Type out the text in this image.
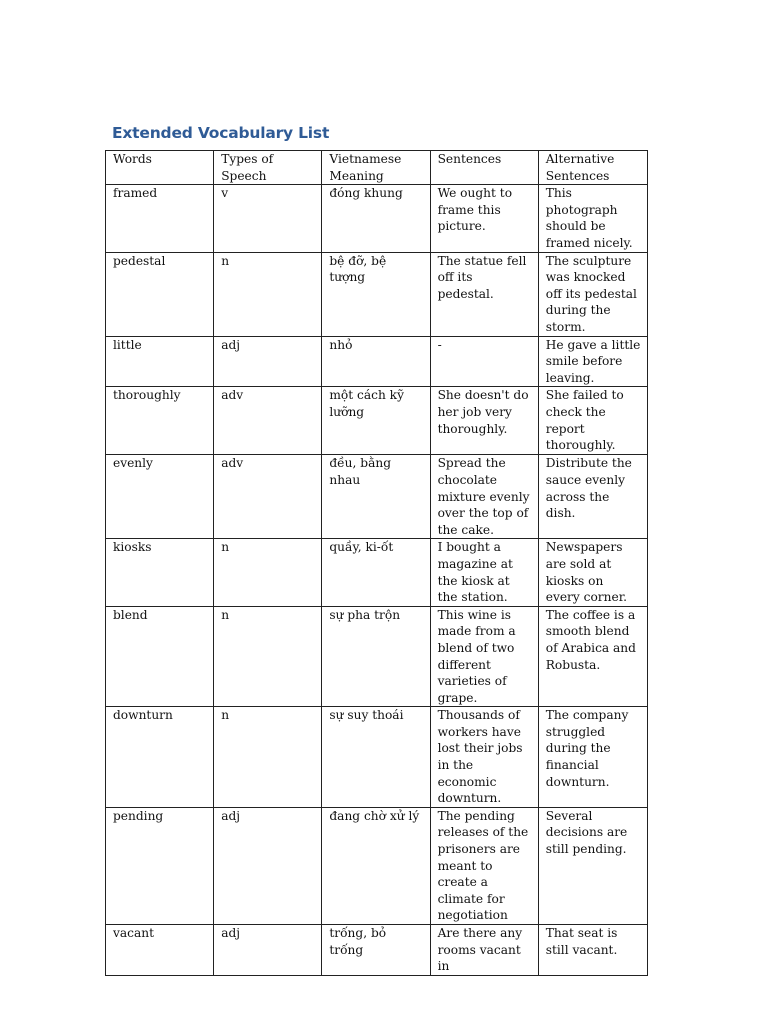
Extended Vocabulary List
Words	Types of Speech	Vietnamese Meaning	Sentences	Alternative Sentences
framed	v	đóng khung	We ought to frame this picture.	This photograph should be framed nicely.
pedestal	n	bệ đỡ, bệ tượng	The statue fell off its pedestal.	The sculpture was knocked off its pedestal during the storm.
little	adj	nhỏ	-	He gave a little smile before leaving.
thoroughly	adv	một cách kỹ lưỡng	She doesn't do her job very thoroughly.	She failed to check the report thoroughly.
evenly	adv	đều, bằng nhau	Spread the chocolate mixture evenly over the top of the cake.	Distribute the sauce evenly across the dish.
kiosks	n	quầy, ki-ốt	I bought a magazine at the kiosk at the station.	Newspapers are sold at kiosks on every corner.
blend	n	sự pha trộn	This wine is made from a blend of two different varieties of grape.	The coffee is a smooth blend of Arabica and Robusta.
downturn	n	sự suy thoái	Thousands of workers have lost their jobs in the economic downturn.	The company struggled during the financial downturn.
pending	adj	đang chờ xử lý	The pending releases of the prisoners are meant to create a climate for negotiation	Several decisions are still pending.
vacant	adj	trống, bỏ trống	Are there any rooms vacant in	That seat is still vacant.
